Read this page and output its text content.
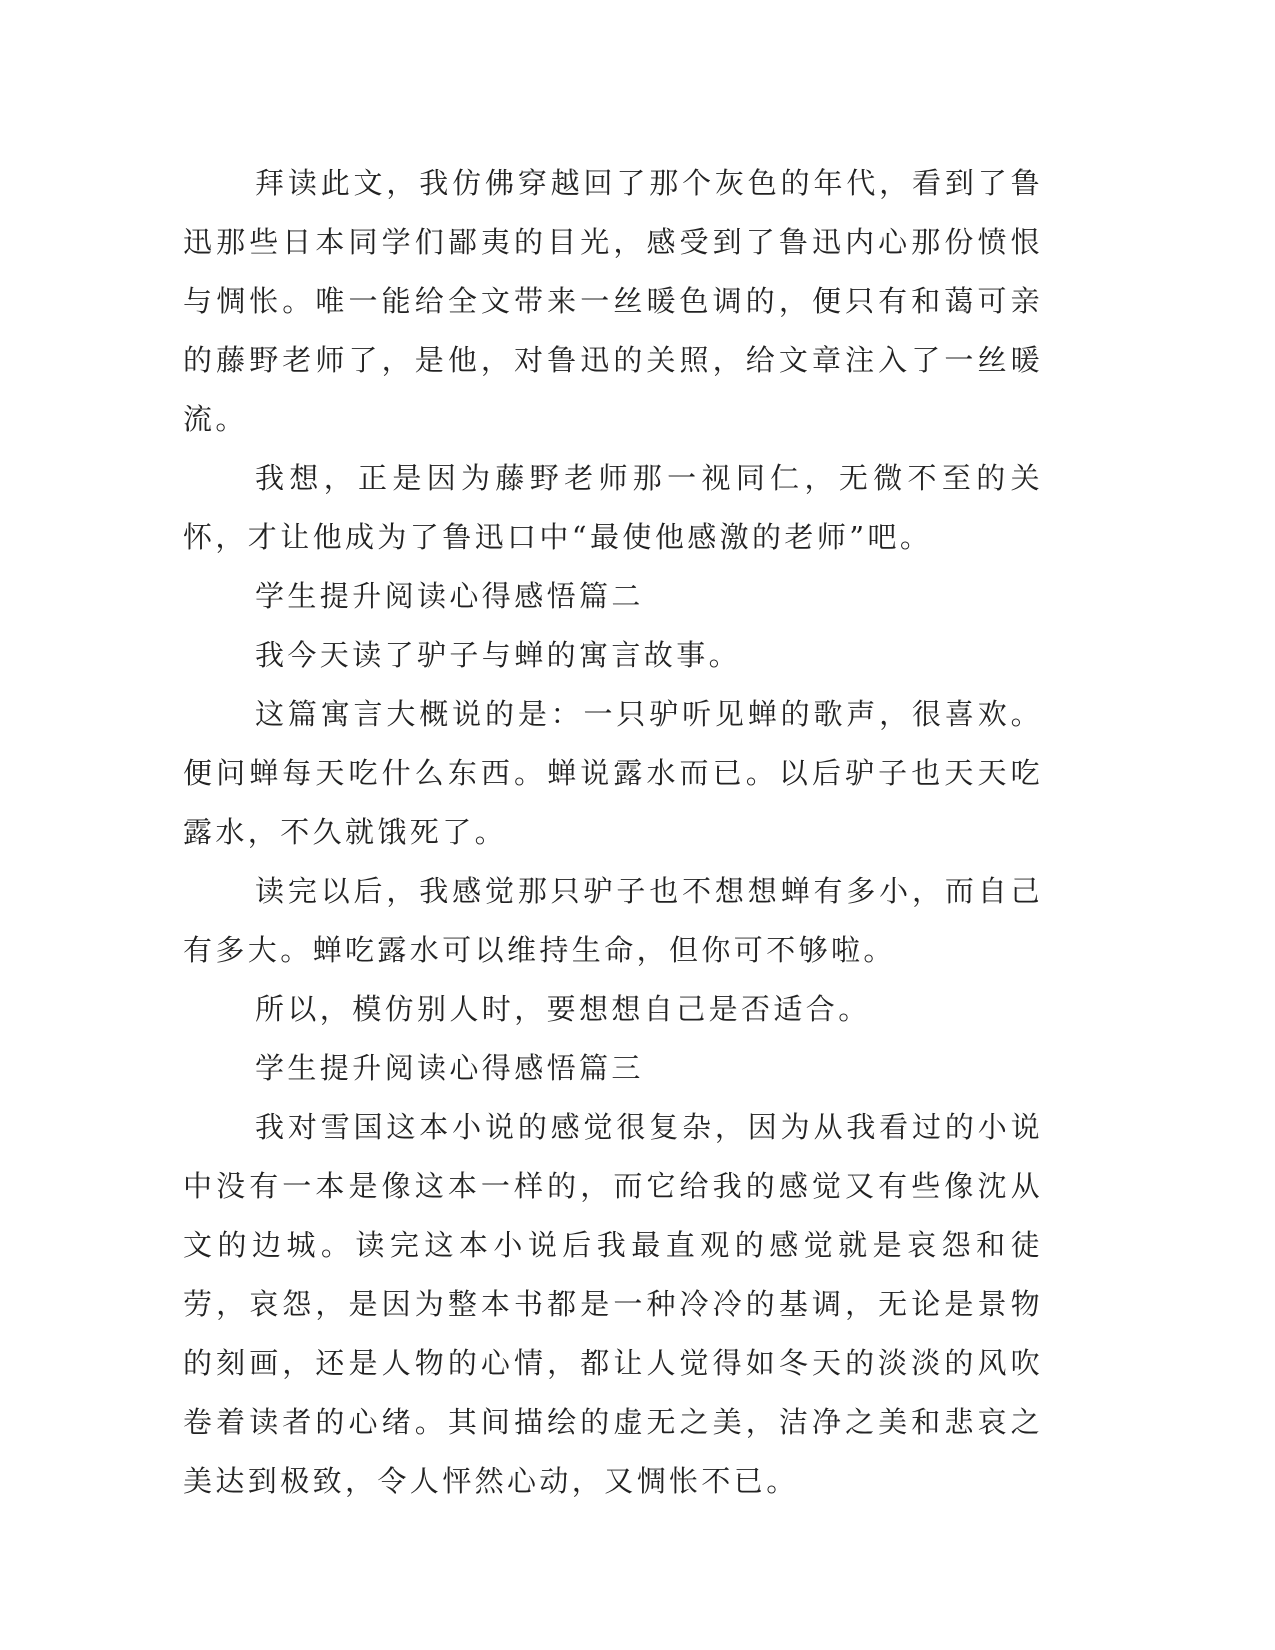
拜读此文，我仿佛穿越回了那个灰色的年代，看到了鲁迅那些日本同学们鄙夷的目光，感受到了鲁迅内心那份愤恨与惆怅。唯一能给全文带来一丝暖色调的，便只有和蔼可亲的藤野老师了，是他，对鲁迅的关照，给文章注入了一丝暖流。

我想，正是因为藤野老师那一视同仁，无微不至的关怀，才让他成为了鲁迅口中“最使他感激的老师”吧。

学生提升阅读心得感悟篇二

我今天读了驴子与蝉的寓言故事。

这篇寓言大概说的是：一只驴听见蝉的歌声，很喜欢。便问蝉每天吃什么东西。蝉说露水而已。以后驴子也天天吃露水，不久就饿死了。

读完以后，我感觉那只驴子也不想想蝉有多小，而自己有多大。蝉吃露水可以维持生命，但你可不够啦。

所以，模仿别人时，要想想自己是否适合。

学生提升阅读心得感悟篇三

我对雪国这本小说的感觉很复杂，因为从我看过的小说中没有一本是像这本一样的，而它给我的感觉又有些像沈从文的边城。读完这本小说后我最直观的感觉就是哀怨和徒劳，哀怨，是因为整本书都是一种冷冷的基调，无论是景物的刻画，还是人物的心情，都让人觉得如冬天的淡淡的风吹卷着读者的心绪。其间描绘的虚无之美，洁净之美和悲哀之美达到极致，令人怦然心动，又惆怅不已。
